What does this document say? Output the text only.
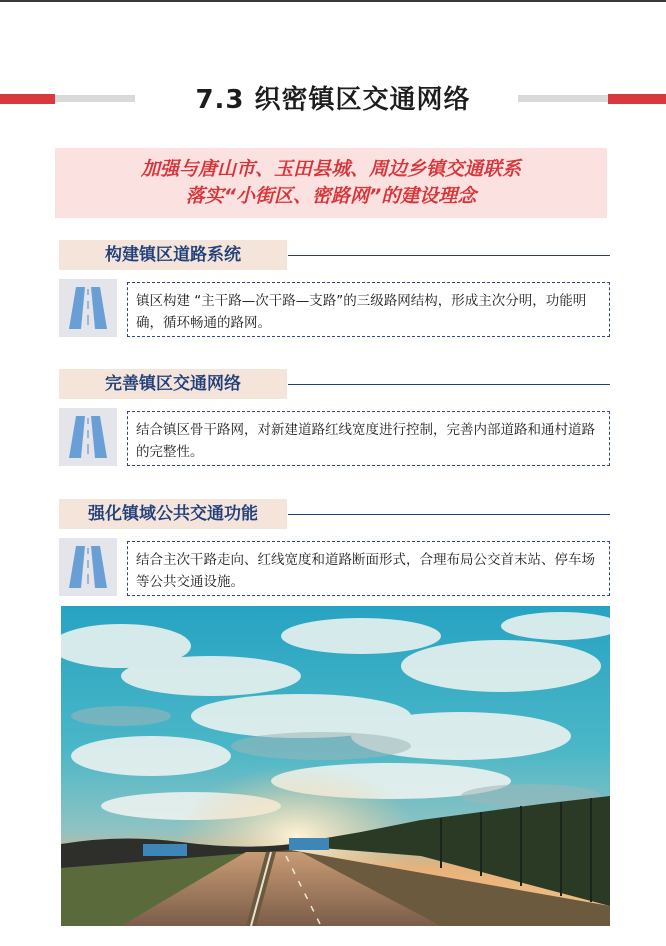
7.3 织密镇区交通网络
加强与唐山市、玉田县城、周边乡镇交通联系
落实“小街区、密路网”的建设理念
构建镇区道路系统
镇区构建 “主干路—次干路—支路”的三级路网结构，形成主次分明，功能明确，循环畅通的路网。
完善镇区交通网络
结合镇区骨干路网，对新建道路红线宽度进行控制，完善内部道路和通村道路的完整性。
强化镇域公共交通功能
结合主次干路走向、红线宽度和道路断面形式，合理布局公交首末站、停车场等公共交通设施。
